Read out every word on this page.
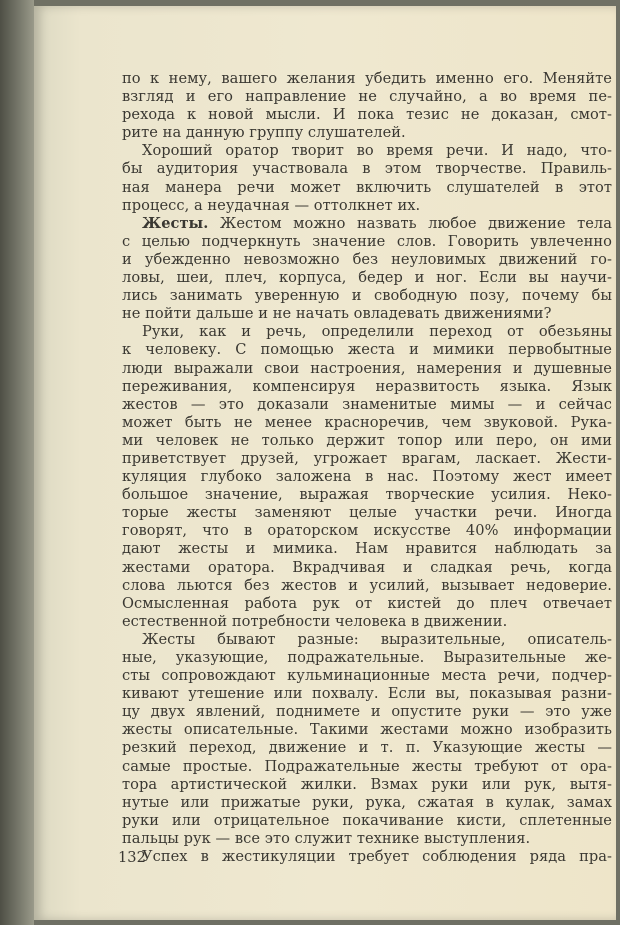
по к нему, вашего желания убедить именно его. Меняйте
взгляд и его направление не случайно, а во время пе-
рехода к новой мысли. И пока тезис не доказан, смот-
рите на данную группу слушателей.
Хороший оратор творит во время речи. И надо, что-
бы аудитория участвовала в этом творчестве. Правиль-
ная манера речи может включить слушателей в этот
процесс, а неудачная — оттолкнет их.
Жесты. Жестом можно назвать любое движение тела
с целью подчеркнуть значение слов. Говорить увлеченно
и убежденно невозможно без неуловимых движений го-
ловы, шеи, плеч, корпуса, бедер и ног. Если вы научи-
лись занимать уверенную и свободную позу, почему бы
не пойти дальше и не начать овладевать движениями?
Руки, как и речь, определили переход от обезьяны
к человеку. С помощью жеста и мимики первобытные
люди выражали свои настроения, намерения и душевные
переживания, компенсируя неразвитость языка. Язык
жестов — это доказали знаменитые мимы — и сейчас
может быть не менее красноречив, чем звуковой. Рука-
ми человек не только держит топор или перо, он ими
приветствует друзей, угрожает врагам, ласкает. Жести-
куляция глубоко заложена в нас. Поэтому жест имеет
большое значение, выражая творческие усилия. Неко-
торые жесты заменяют целые участки речи. Иногда
говорят, что в ораторском искусстве 40% информации
дают жесты и мимика. Нам нравится наблюдать за
жестами оратора. Вкрадчивая и сладкая речь, когда
слова льются без жестов и усилий, вызывает недоверие.
Осмысленная работа рук от кистей до плеч отвечает
естественной потребности человека в движении.
Жесты бывают разные: выразительные, описатель-
ные, указующие, подражательные. Выразительные же-
сты сопровождают кульминационные места речи, подчер-
кивают утешение или похвалу. Если вы, показывая разни-
цу двух явлений, поднимете и опустите руки — это уже
жесты описательные. Такими жестами можно изобразить
резкий переход, движение и т. п. Указующие жесты —
самые простые. Подражательные жесты требуют от ора-
тора артистической жилки. Взмах руки или рук, вытя-
нутые или прижатые руки, рука, сжатая в кулак, замах
руки или отрицательное покачивание кисти, сплетенные
пальцы рук — все это служит технике выступления.
Успех в жестикуляции требует соблюдения ряда пра-
132
